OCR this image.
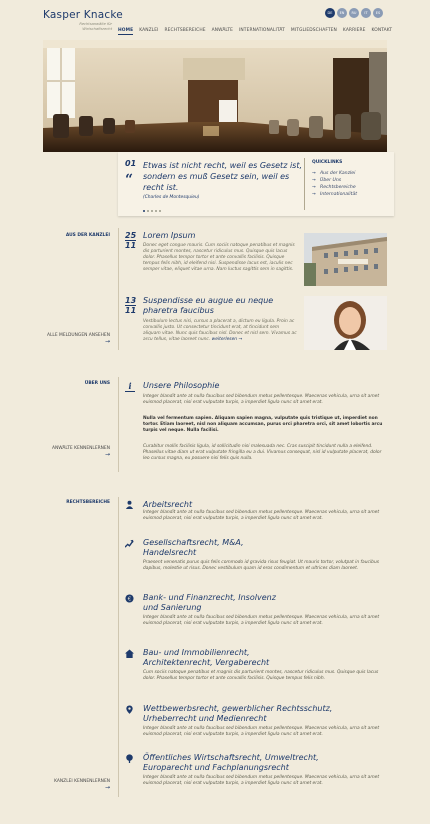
Kasper Knacke
Rechtsanwälte für Wirtschaftsrecht
DE	EN	RU	IT	ES
HOME KANZLEI RECHTSBEREICHE ANWÄLTE INTERNATIONALITÄT MITGLIEDSCHAFTEN KARRIERE KONTAKT
01
“
Etwas ist nicht recht, weil es Gesetz ist, sondern es muß Gesetz sein, weil es recht ist.
(Charles de Montesquieu)
QUICKLINKS
→ Aus der Kanzlei
→ Über Uns
→ Rechtsbereiche
→ Internationalität
AUS DER KANZLEI 25
11
Lorem Ipsum
Donec eget congue mauris. Cum sociis natoque penatibus et magnis dis parturient montes, nascetur ridiculus mus. Quisque quis lacus dolor. Phasellus tempor tortor et ante convallis facilisis. Quisque tempus felis nibh, id eleifend nisi. Suspendisse lacus est, iaculis nec semper vitae, eliquet vitae urna. Nam luctus sagittis sem in sagittis.
13
11
Suspendisse eu augue eu neque pharetra faucibus
Vestibulum lectus nisi, cursus a placerat a, dictum eu ligula. Proin ac convallis justo. Ut consectetur tincidunt erat, at tincidunt sem aliquam vitae. Nunc quis faucibus nisl. Donec et nisl sem. Vivamus ac arcu tellus, vitae laoreet nunc. weiterlesen →
ALLE MELDUNGEN ANSEHEN
→
ÜBER UNS	i	Unsere Philosophie
Integer blandit ante at nulla faucibus sed bibendum metus pellentesque. Maecenas vehicula, urna sit amet euismod placerat, nisi erat vulputate turpis, a imperdiet ligula nunc sit amet erat.
Nulla vel fermentum sapien. Aliquam sapien magna, vulputate quis tristique ut, imperdiet non tortor. Etiam laoreet, nisl non aliquam accumsan, purus orci pharetra orci, sit amet lobortis arcu turpis vel neque. Nulla facilisi.
Curabitur mollis facilisis ligula, id sollicitudin nisi malesuada nec. Cras suscipit tincidunt nulla a eleifend. Phasellus vitae diam ut erat vulputate fringilla eu a dui. Vivamus consequat, nisl id vulputate placerat, dolor leo cursus magna, eu posuere nisi felis quis nulla.
ANWÄLTE KENNENLERNEN
→
RECHTSBEREICHE	Arbeitsrecht
Integer blandit ante at nulla faucibus sed bibendum metus pellentesque. Maecenas vehicula, urna sit amet euismod placerat, nisi erat vulputate turpis, a imperdiet ligula nunc sit amet erat.
Gesellschaftsrecht, M&A, Handelsrecht
Praesent venenatis purus quis felis commodo id gravida risus feugiat. Ut mauris tortor, volutpat in faucibus dapibus, molestie ut risus. Donec vestibulum quam id eros condimentum et ultrices diam laoreet.
€ Bank- und Finanzrecht, Insolvenz und Sanierung
Integer blandit ante at nulla faucibus sed bibendum metus pellentesque. Maecenas vehicula, urna sit amet euismod placerat, nisi erat vulputate turpis, a imperdiet ligula nunc sit amet erat.
Bau- und Immobilienrecht, Architektenrecht, Vergaberecht
Cum sociis natoque penatibus et magnis dis parturient montes, nascetur ridiculus mus. Quisque quis lacus dolor. Phasellus tempor tortor et ante convallis facilisis. Quisque tempus felis nibh.
Wettbewerbsrecht, gewerblicher Rechtsschutz, Urheberrecht und Medienrecht
Integer blandit ante at nulla faucibus sed bibendum metus pellentesque. Maecenas vehicula, urna sit amet euismod placerat, nisi erat vulputate turpis, a imperdiet ligula nunc sit amet erat.
Öffentliches Wirtschaftsrecht, Umweltrecht, Europarecht und Fachplanungsrecht
Integer blandit ante at nulla faucibus sed bibendum metus pellentesque. Maecenas vehicula, urna sit amet euismod placerat, nisi erat vulputate turpis, a imperdiet ligula nunc sit amet erat.
KANZLEI KENNENLERNEN
→
